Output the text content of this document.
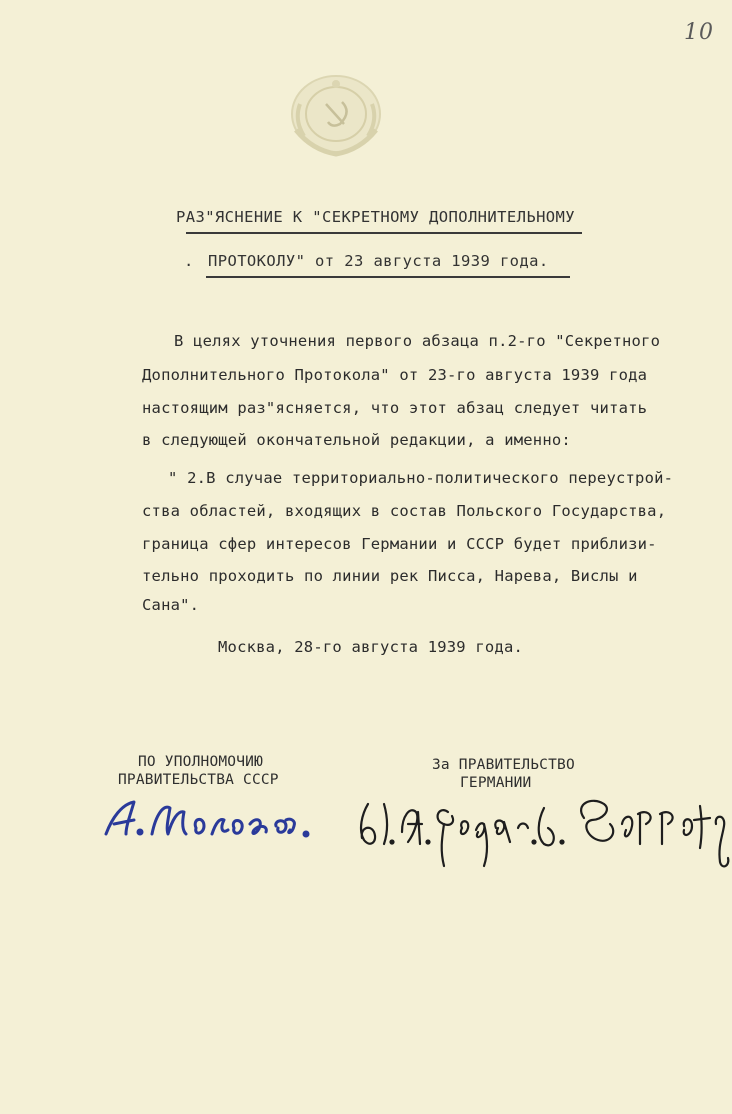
10
РАЗ"ЯСНЕНИЕ К "СЕКРЕТНОМУ ДОПОЛНИТЕЛЬНОМУ
. ПРОТОКОЛУ" от 23 августа 1939 года.
В целях уточнения первого абзаца п.2-го "Секретного
Дополнительного Протокола" от 23-го августа 1939 года
настоящим раз"ясняется, что этот абзац следует читать
в следующей окончательной редакции, а именно:
" 2.В случае территориально-политического переустрой-
ства областей, входящих в состав Польского Государства,
граница сфер интересов Германии и СССР будет приблизи-
тельно проходить по линии рек Писса, Нарева, Вислы и
Сана".
Москва, 28-го августа 1939 года.
ПО УПОЛНОМОЧИЮ
ПРАВИТЕЛЬСТВА СССР
За ПРАВИТЕЛЬСТВО
ГЕРМАНИИ
